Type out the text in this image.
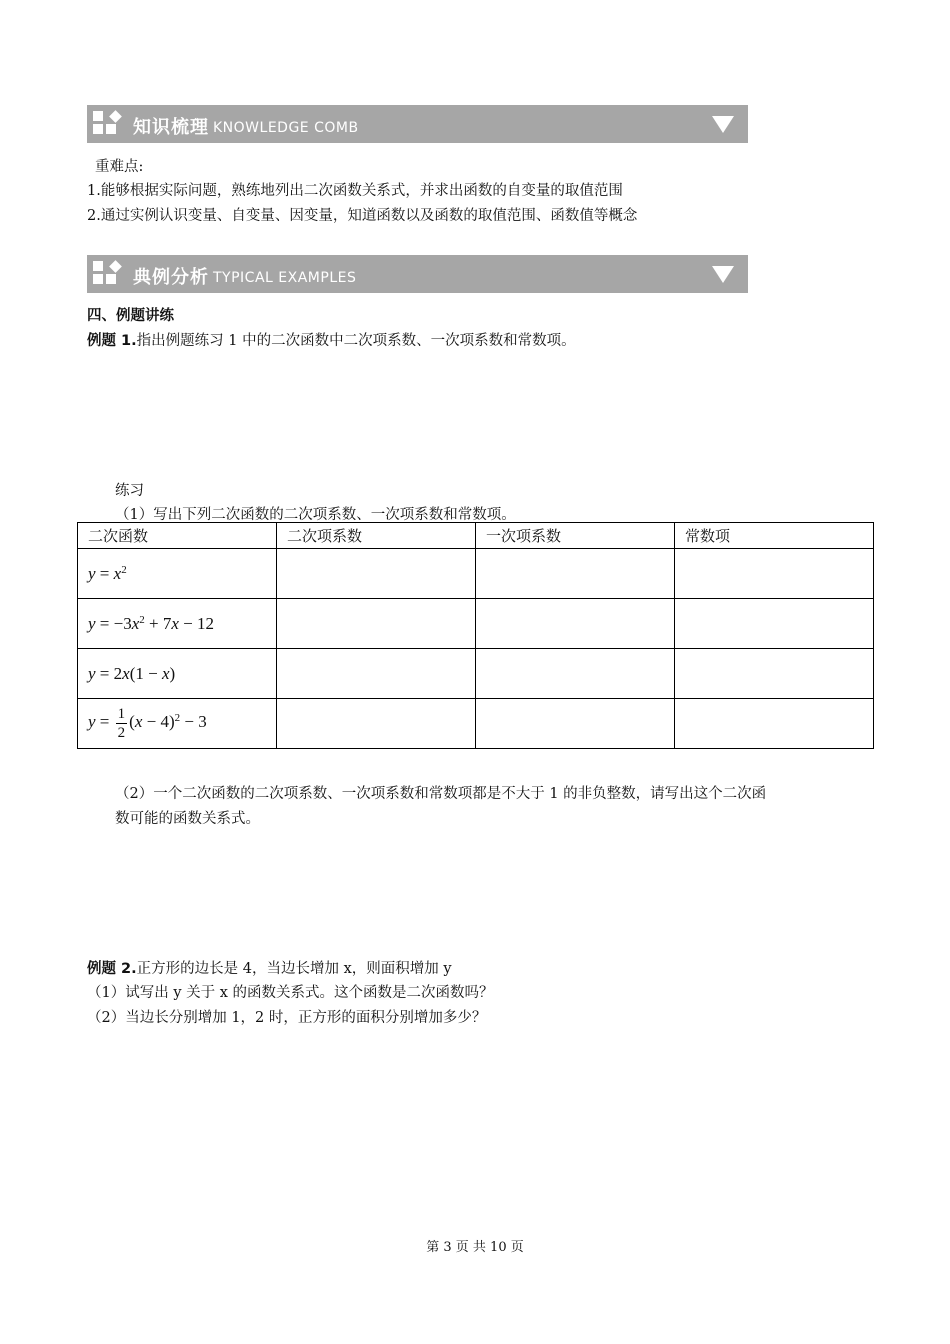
知识梳理 KNOWLEDGE COMB
重难点:
1.能够根据实际问题，熟练地列出二次函数关系式，并求出函数的自变量的取值范围
2.通过实例认识变量、自变量、因变量，知道函数以及函数的取值范围、函数值等概念
典例分析 TYPICAL EXAMPLES
四、例题讲练
例题 1.指出例题练习 1 中的二次函数中二次项系数、一次项系数和常数项。
练习
（1）写出下列二次函数的二次项系数、一次项系数和常数项。
二次函数	二次项系数	一次项系数	常数项
$y = x^2$			
$y = -3x^2 + 7x - 12$			
y = 2x(1 − x)			
$y = \frac{1}{2} (x - 4)^2 - 3$			
（2）一个二次函数的二次项系数、一次项系数和常数项都是不大于 1 的非负整数，请写出这个二次函
数可能的函数关系式。
例题 2.正方形的边长是 4，当边长增加 x，则面积增加 y
（1）试写出 y 关于 x 的函数关系式。这个函数是二次函数吗？
（2）当边长分别增加 1，2 时，正方形的面积分别增加多少？
第 3 页 共 10 页
